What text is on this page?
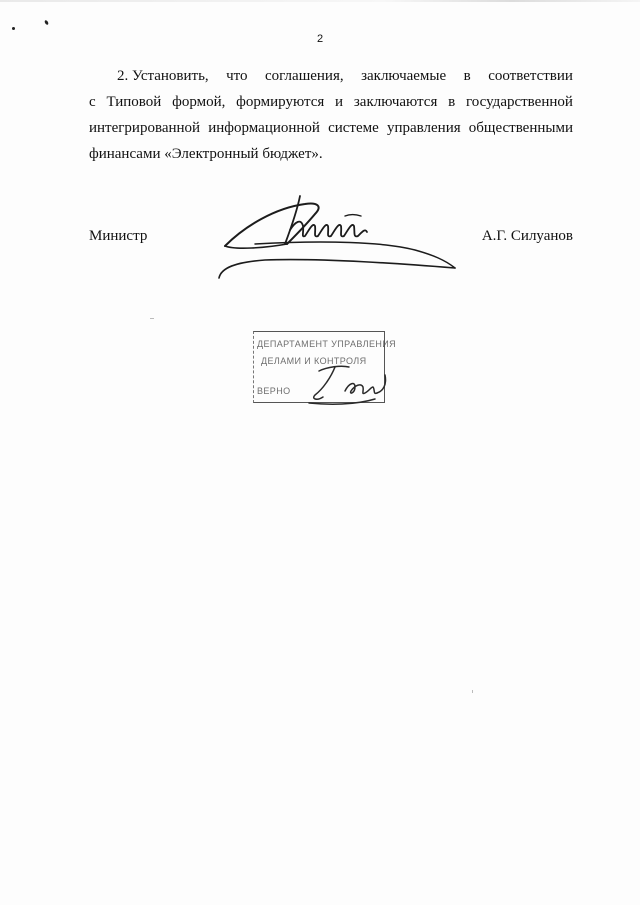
2
2. Установить, что соглашения, заключаемые в соответствии
с Типовой формой, формируются и заключаются в государственной
интегрированной информационной системе управления общественными
финансами «Электронный бюджет».
Министр	А.Г. Силуанов
ДЕПАРТАМЕНТ УПРАВЛЕНИЯ
ДЕЛАМИ И КОНТРОЛЯ
ВЕРНО
